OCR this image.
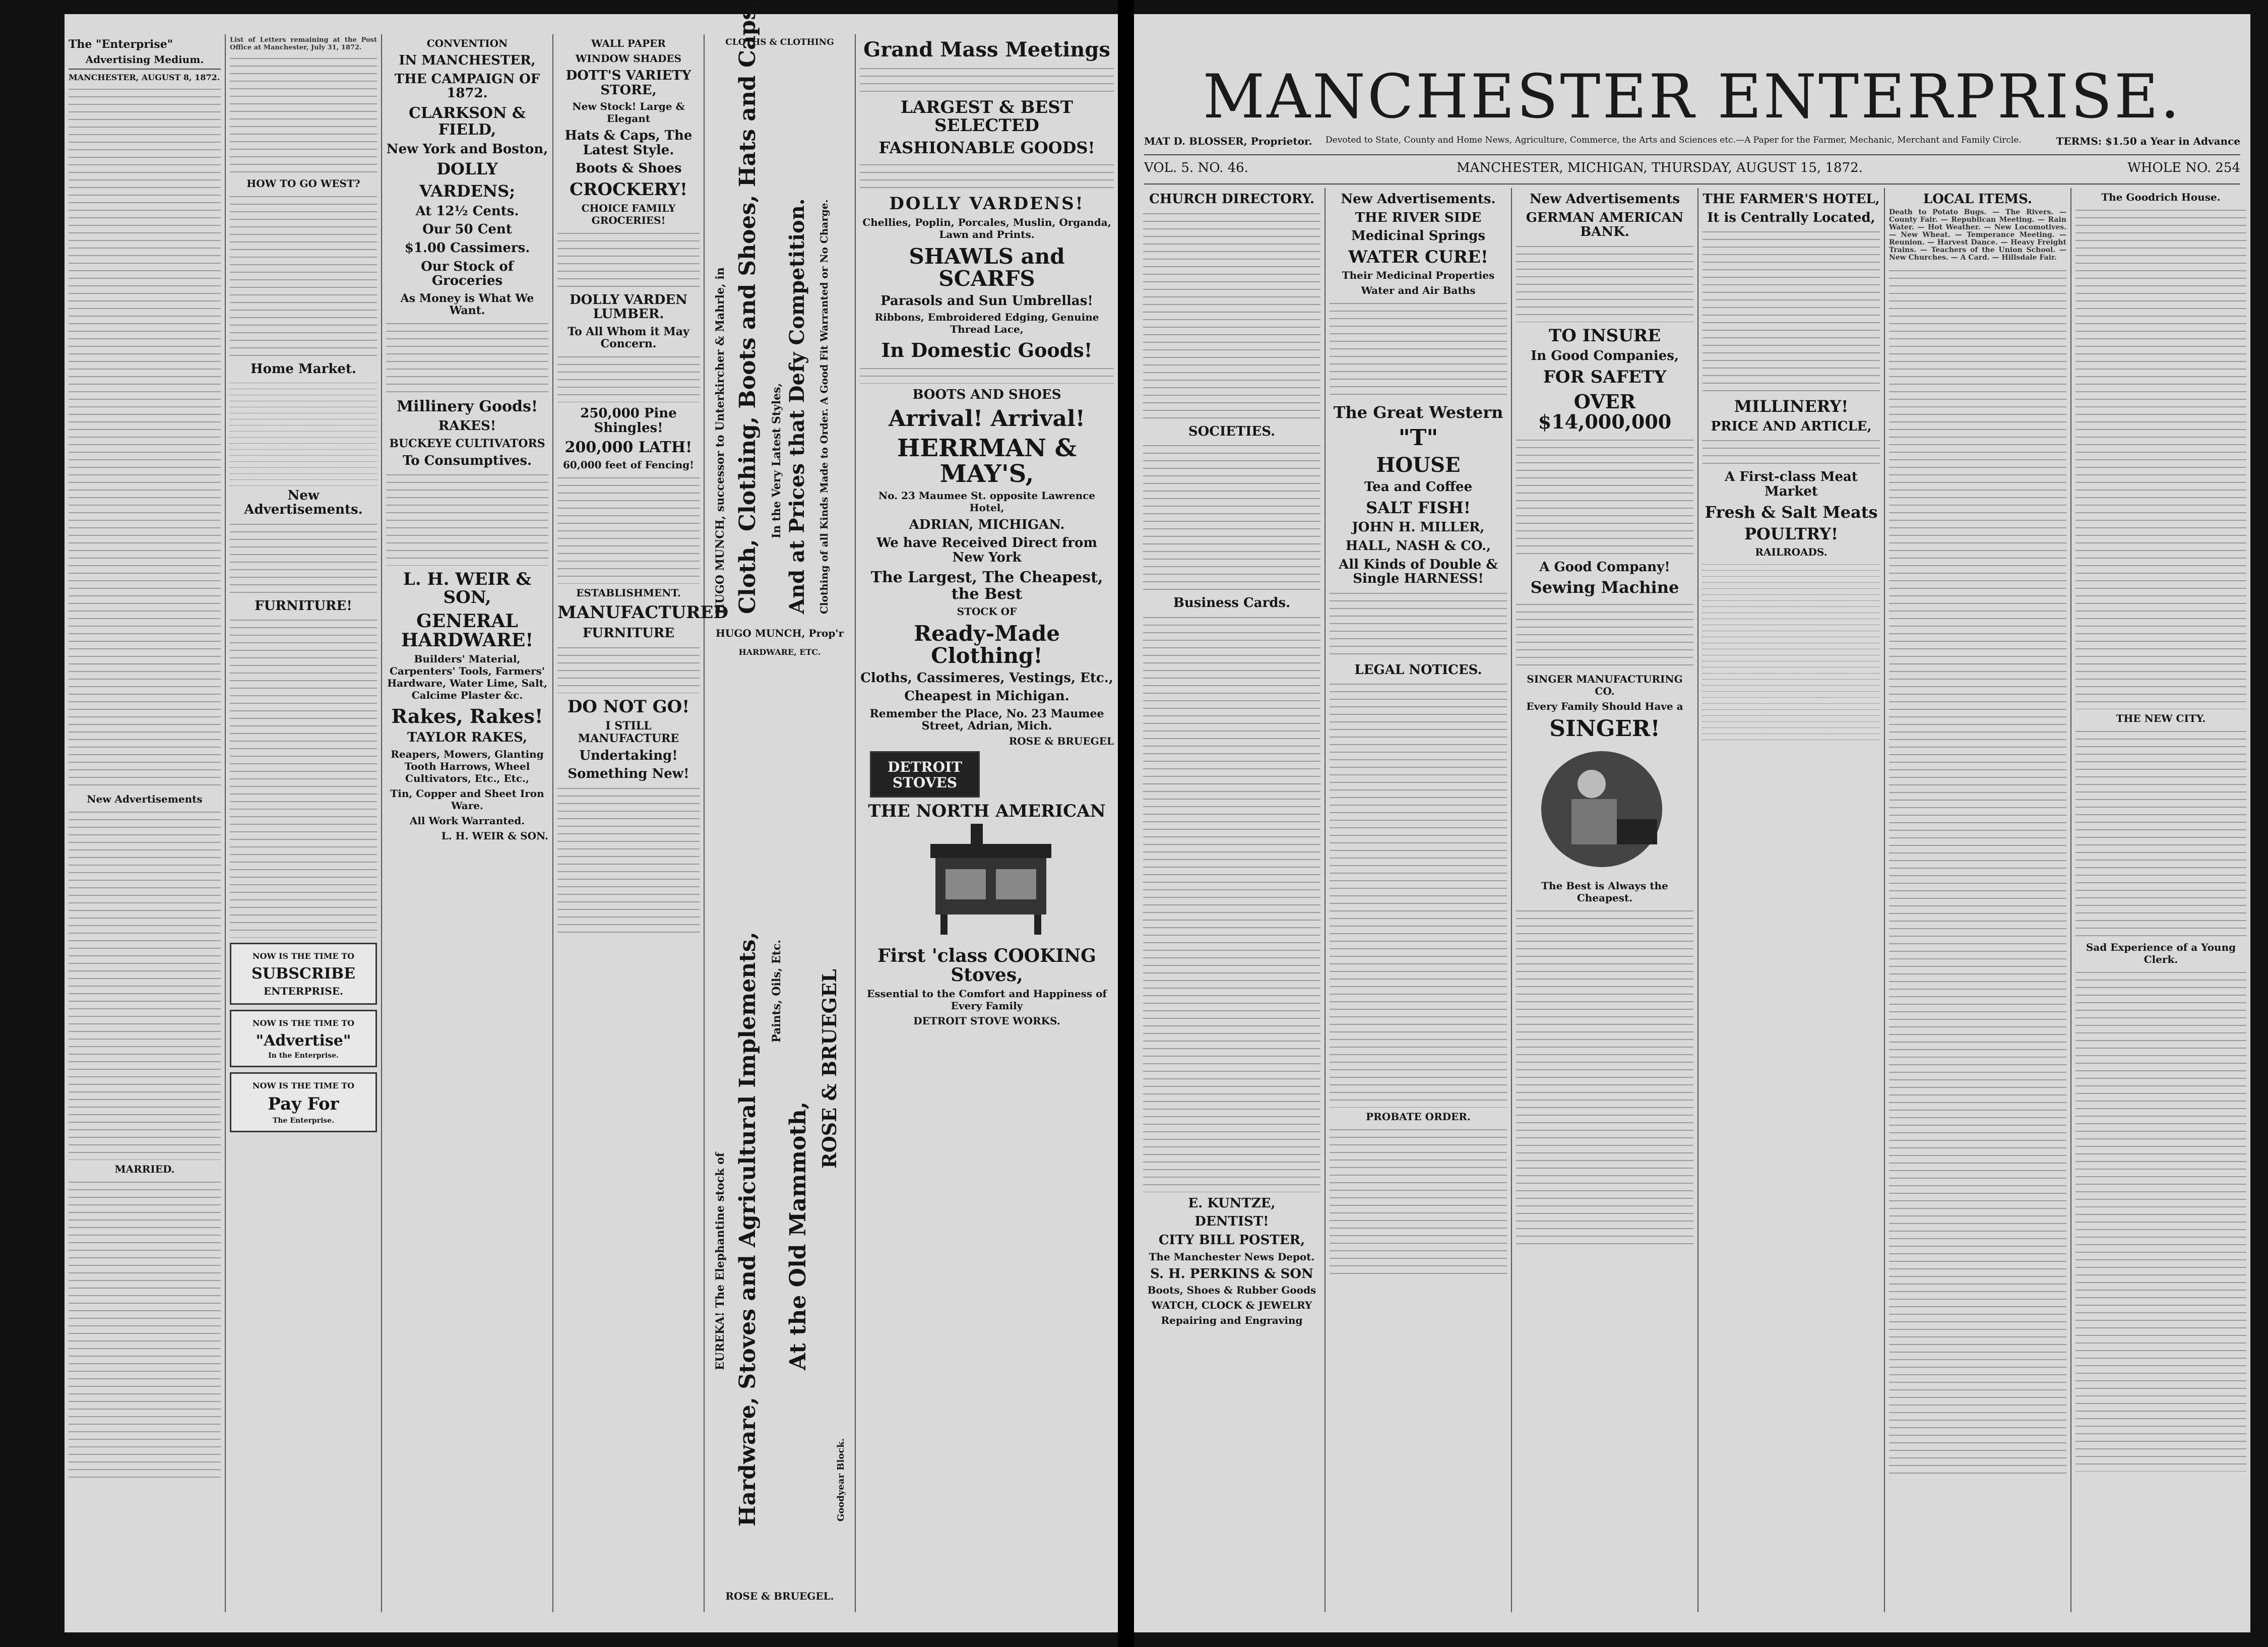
The "Enterprise"
Advertising Medium.
MANCHESTER, AUGUST 8, 1872.
New Advertisements
MARRIED.
List of Letters remaining at the Post Office at Manchester, July 31, 1872.
HOW TO GO WEST?
Home Market.
New Advertisements.
FURNITURE!
NOW IS THE TIME TO
SUBSCRIBE
ENTERPRISE.
NOW IS THE TIME TO
"Advertise"
In the Enterprise.
NOW IS THE TIME TO
Pay For
The Enterprise.
CONVENTION
IN MANCHESTER,
THE CAMPAIGN OF 1872.
CLARKSON & FIELD,
New York and Boston,
DOLLY
VARDENS;
At 12½ Cents.
Our 50 Cent
$1.00 Cassimers.
Our Stock of Groceries
As Money is What We Want.
Millinery Goods!
RAKES!
BUCKEYE CULTIVATORS
To Consumptives.
L. H. WEIR & SON,
GENERAL HARDWARE!
Builders' Material, Carpenters' Tools, Farmers' Hardware, Water Lime, Salt, Calcime Plaster &c.
Rakes, Rakes!
TAYLOR RAKES,
Reapers, Mowers, Glanting Tooth Harrows, Wheel Cultivators, Etc., Etc.,
Tin, Copper and Sheet Iron Ware.
All Work Warranted.
L. H. WEIR & SON.
WALL PAPER
WINDOW SHADES
DOTT'S VARIETY STORE,
New Stock! Large & Elegant
Hats & Caps, The Latest Style.
Boots & Shoes
CROCKERY!
CHOICE FAMILY GROCERIES!
DOLLY VARDEN LUMBER.
To All Whom it May Concern.
250,000 Pine Shingles!
200,000 LATH!
60,000 feet of Fencing!
ESTABLISHMENT.
MANUFACTURED
FURNITURE
DO NOT GO!
I STILL MANUFACTURE
Undertaking!
Something New!
CLOTHS & CLOTHING
HUGO MUNCH, successor to Unterkircher & Mahrle, in Cloth, Clothing, Boots and Shoes, Hats and Caps, In the Very Latest Styles, And at Prices that Defy Competition. Clothing of all Kinds Made to Order. A Good Fit Warranted or No Charge.
HUGO MUNCH, Prop'r
HARDWARE, ETC.
EUREKA! The Elephantine stock of Hardware, Stoves and Agricultural Implements, Paints, Oils, Etc.
At the Old Mammoth,
ROSE & BRUEGEL
Goodyear Block.
ROSE & BRUEGEL.
Grand Mass Meetings
LARGEST & BEST SELECTED
FASHIONABLE GOODS!
DOLLY VARDENS!
Chellies, Poplin, Porcales, Muslin, Organda, Lawn and Prints.
SHAWLS and SCARFS
Parasols and Sun Umbrellas!
Ribbons, Embroidered Edging, Genuine Thread Lace,
In Domestic Goods!
BOOTS AND SHOES
Arrival! Arrival!
HERRMAN & MAY'S,
No. 23 Maumee St. opposite Lawrence Hotel,
ADRIAN, MICHIGAN.
We have Received Direct from New York
The Largest, The Cheapest, the Best
STOCK OF
Ready-Made Clothing!
Cloths, Cassimeres, Vestings, Etc.,
Cheapest in Michigan.
Remember the Place, No. 23 Maumee Street, Adrian, Mich.
ROSE & BRUEGEL
DETROIT STOVES
THE NORTH AMERICAN
First 'class COOKING Stoves,
Essential to the Comfort and Happiness of Every Family
DETROIT STOVE WORKS.
MANCHESTER ENTERPRISE.
MAT D. BLOSSER, Proprietor. Devoted to State, County and Home News, Agriculture, Commerce, the Arts and Sciences etc.—A Paper for the Farmer, Mechanic, Merchant and Family Circle.	TERMS: $1.50 a Year in Advance
VOL. 5. NO. 46.	MANCHESTER, MICHIGAN, THURSDAY, AUGUST 15, 1872.	WHOLE NO. 254
CHURCH DIRECTORY.
SOCIETIES.
Business Cards.
E. KUNTZE,
DENTIST!
CITY BILL POSTER,
The Manchester News Depot.
S. H. PERKINS & SON
Boots, Shoes & Rubber Goods
WATCH, CLOCK & JEWELRY
Repairing and Engraving
New Advertisements.
THE RIVER SIDE
Medicinal Springs
WATER CURE!
Their Medicinal Properties
Water and Air Baths
The Great Western
"T"
HOUSE
Tea and Coffee
SALT FISH!
JOHN H. MILLER,
HALL, NASH & CO.,
All Kinds of Double & Single HARNESS!
LEGAL NOTICES.
PROBATE ORDER.
New Advertisements
GERMAN AMERICAN BANK.
TO INSURE
In Good Companies,
FOR SAFETY
OVER $14,000,000
A Good Company!
Sewing Machine
SINGER MANUFACTURING CO.
Every Family Should Have a
SINGER!
The Best is Always the Cheapest.
THE FARMER'S HOTEL,
It is Centrally Located,
MILLINERY!
PRICE AND ARTICLE,
A First-class Meat Market
Fresh & Salt Meats
POULTRY!
RAILROADS.
LOCAL ITEMS.
Death to Potato Bugs. — The Rivers. — County Fair. — Republican Meeting. — Rain Water. — Hot Weather. — New Locomotives. — New Wheat. — Temperance Meeting. — Reunion. — Harvest Dance. — Heavy Freight Trains. — Teachers of the Union School. — New Churches. — A Card. — Hillsdale Fair.
The Goodrich House.
THE NEW CITY.
Sad Experience of a Young Clerk.
